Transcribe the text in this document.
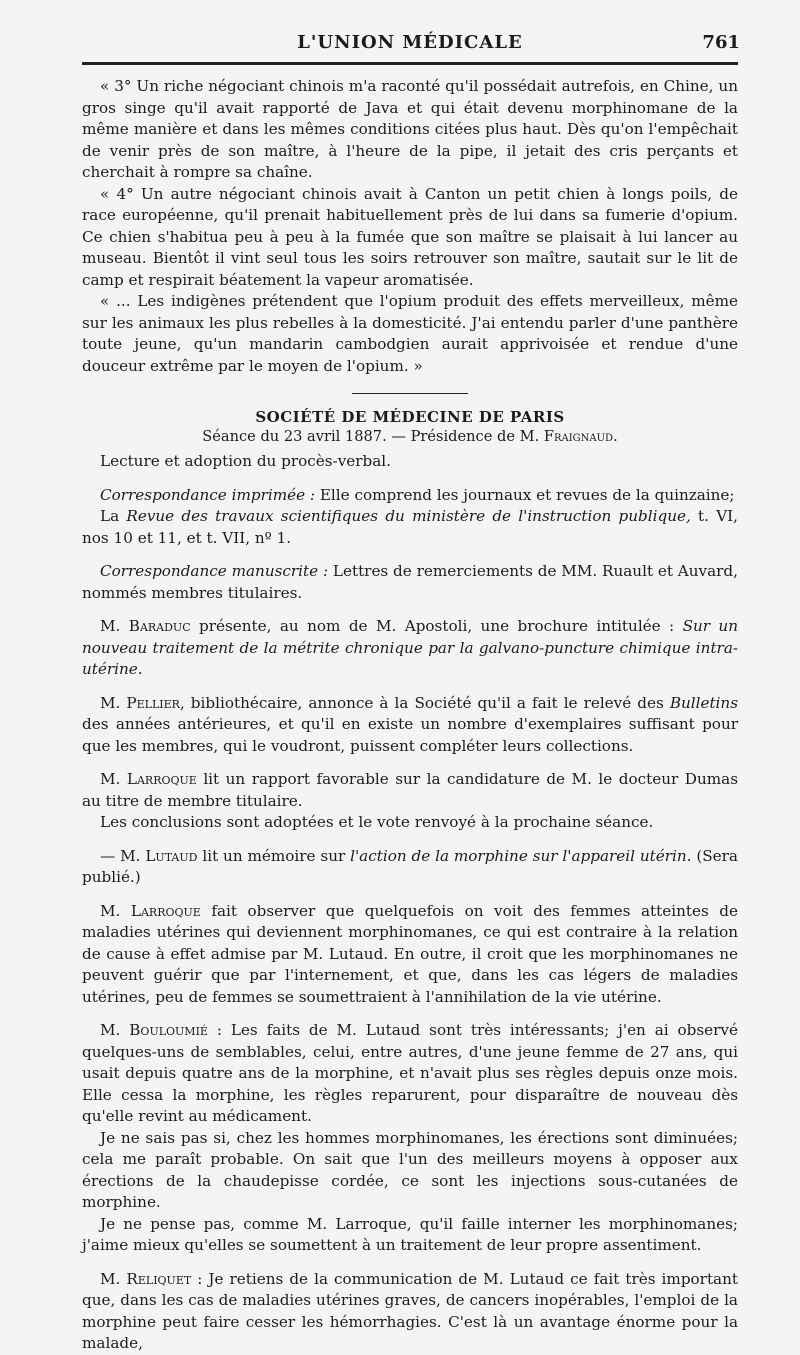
L'UNION MÉDICALE	761

« 3° Un riche négociant chinois m'a raconté qu'il possédait autrefois, en Chine, un gros singe qu'il avait rapporté de Java et qui était devenu morphinomane de la même manière et dans les mêmes conditions citées plus haut. Dès qu'on l'empêchait de venir près de son maître, à l'heure de la pipe, il jetait des cris perçants et cherchait à rompre sa chaîne.

« 4° Un autre négociant chinois avait à Canton un petit chien à longs poils, de race européenne, qu'il prenait habituellement près de lui dans sa fumerie d'opium. Ce chien s'habitua peu à peu à la fumée que son maître se plaisait à lui lancer au museau. Bientôt il vint seul tous les soirs retrouver son maître, sautait sur le lit de camp et respirait béatement la vapeur aromatisée.

« ... Les indigènes prétendent que l'opium produit des effets merveilleux, même sur les animaux les plus rebelles à la domesticité. J'ai entendu parler d'une panthère toute jeune, qu'un mandarin cambodgien aurait apprivoisée et rendue d'une douceur extrême par le moyen de l'opium. »

SOCIÉTÉ DE MÉDECINE DE PARIS
Séance du 23 avril 1887. — Présidence de M. Fraignaud.

Lecture et adoption du procès-verbal.

Correspondance imprimée : Elle comprend les journaux et revues de la quinzaine;

La Revue des travaux scientifiques du ministère de l'instruction publique, t. VI, nos 10 et 11, et t. VII, nº 1.

Correspondance manuscrite : Lettres de remerciements de MM. Ruault et Auvard, nommés membres titulaires.

M. Baraduc présente, au nom de M. Apostoli, une brochure intitulée : Sur un nouveau traitement de la métrite chronique par la galvano-puncture chimique intra-utérine.

M. Pellier, bibliothécaire, annonce à la Société qu'il a fait le relevé des Bulletins des années antérieures, et qu'il en existe un nombre d'exemplaires suffisant pour que les membres, qui le voudront, puissent compléter leurs collections.

M. Larroque lit un rapport favorable sur la candidature de M. le docteur Dumas au titre de membre titulaire.

Les conclusions sont adoptées et le vote renvoyé à la prochaine séance.

— M. Lutaud lit un mémoire sur l'action de la morphine sur l'appareil utérin. (Sera publié.)

M. Larroque fait observer que quelquefois on voit des femmes atteintes de maladies utérines qui deviennent morphinomanes, ce qui est contraire à la relation de cause à effet admise par M. Lutaud. En outre, il croit que les morphinomanes ne peuvent guérir que par l'internement, et que, dans les cas légers de maladies utérines, peu de femmes se soumettraient à l'annihilation de la vie utérine.

M. Bouloumié : Les faits de M. Lutaud sont très intéressants; j'en ai observé quelques-uns de semblables, celui, entre autres, d'une jeune femme de 27 ans, qui usait depuis quatre ans de la morphine, et n'avait plus ses règles depuis onze mois. Elle cessa la morphine, les règles reparurent, pour disparaître de nouveau dès qu'elle revint au médicament.

Je ne sais pas si, chez les hommes morphinomanes, les érections sont diminuées; cela me paraît probable. On sait que l'un des meilleurs moyens à opposer aux érections de la chaudepisse cordée, ce sont les injections sous-cutanées de morphine.

Je ne pense pas, comme M. Larroque, qu'il faille interner les morphinomanes; j'aime mieux qu'elles se soumettent à un traitement de leur propre assentiment.

M. Reliquet : Je retiens de la communication de M. Lutaud ce fait très important que, dans les cas de maladies utérines graves, de cancers inopérables, l'emploi de la morphine peut faire cesser les hémorrhagies. C'est là un avantage énorme pour la malade,
